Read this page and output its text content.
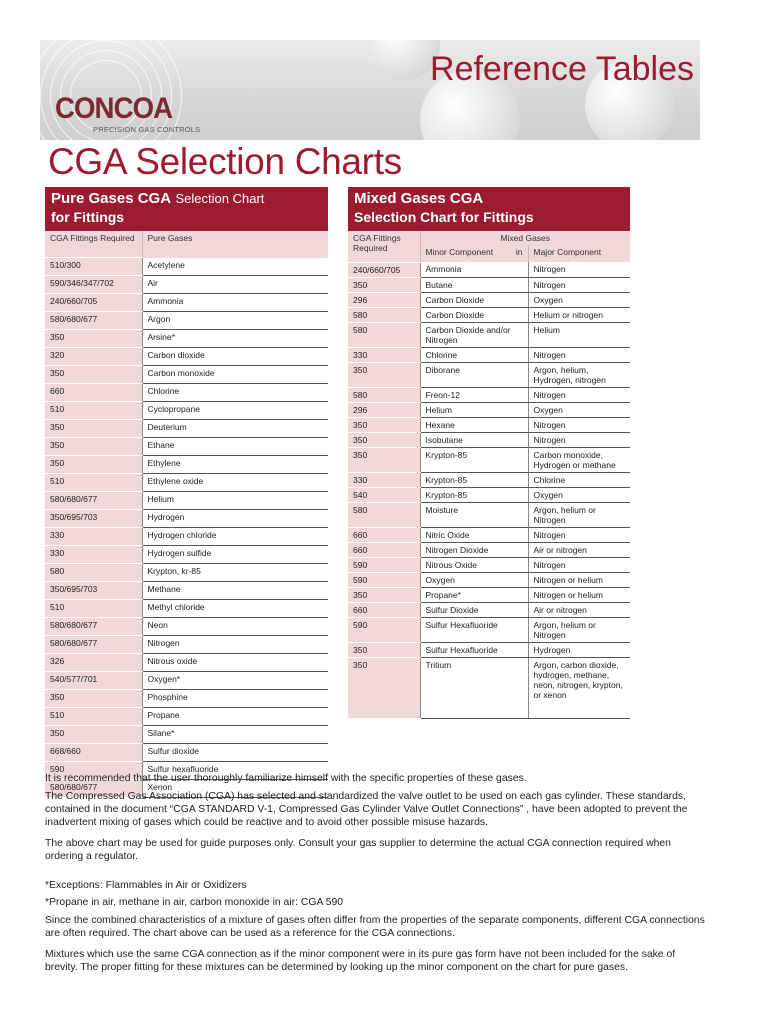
CONCOA
PRECISION GAS CONTROLS
Reference Tables
CGA Selection Charts
Pure Gases CGA Selection Chart
for Fittings
CGA Fittings Required	Pure Gases
510/300	Acetylene
590/346/347/702	Air
240/660/705	Ammonia
580/680/677	Argon
350	Arsine*
320	Carbon dioxide
350	Carbon monoxide
660	Chlorine
510	Cyclopropane
350	Deuterium
350	Ethane
350	Ethylene
510	Ethylene oxide
580/680/677	Helium
350/695/703	Hydrogen
330	Hydrogen chloride
330	Hydrogen sulfide
580	Krypton, kr-85
350/695/703	Methane
510	Methyl chloride
580/680/677	Neon
580/680/677	Nitrogen
326	Nitrous oxide
540/577/701	Oxygen*
350	Phosphine
510	Propane
350	Silane*
668/660	Sulfur dioxide
590	Sulfur hexafluoride
580/680/677	Xenon
Mixed Gases CGA
Selection Chart for Fittings
CGA Fittings Required	Mixed Gases	
	Minor Component in	Major Component
240/660/705	Ammonia	Nitrogen
350	Butane	Nitrogen
296	Carbon Dioxide	Oxygen
580	Carbon Dioxide	Helium or nitrogen
580	Carbon Dioxide and/or Nitrogen	Helium
330	Chlorine	Nitrogen
350	Diborane	Argon, helium, Hydrogen, nitrogen
580	Freon-12	Nitrogen
296	Helium	Oxygen
350	Hexane	Nitrogen
350	Isobutane	Nitrogen
350	Krypton-85	Carbon monoxide, Hydrogen or methane
330	Krypton-85	Chlorine
540	Krypton-85	Oxygen
580	Moisture	Argon, helium or Nitrogen
660	Nitric Oxide	Nitrogen
660	Nitrogen Dioxide	Air or nitrogen
590	Nitrous Oxide	Nitrogen
590	Oxygen	Nitrogen or helium
350	Propane*	Nitrogen or helium
660	Sulfur Dioxide	Air or nitrogen
590	Sulfur Hexafluoride	Argon, helium or Nitrogen
350	Sulfur Hexafluoride	Hydrogen
350	Tritium	Argon, carbon dioxide, hydrogen, methane, neon, nitrogen, krypton, or xenon

It is recommended that the user thoroughly familiarize himself with the specific properties of these gases.

The Compressed Gas Association (CGA) has selected and standardized the valve outlet to be used on each gas cylinder. These standards, contained in the document “CGA STANDARD V-1, Compressed Gas Cylinder Valve Outlet Connections” , have been adopted to prevent the inadvertent mixing of gases which could be reactive and to avoid other possible misuse hazards.

The above chart may be used for guide purposes only. Consult your gas supplier to determine the actual CGA connection required when ordering a regulator.

*Exceptions: Flammables in Air or Oxidizers

*Propane in air, methane in air, carbon monoxide in air: CGA 590

Since the combined characteristics of a mixture of gases often differ from the properties of the separate components, different CGA connections are often required. The chart above can be used as a reference for the CGA connections.

Mixtures which use the same CGA connection as if the minor component were in its pure gas form have not been included for the sake of brevity. The proper fitting for these mixtures can be determined by looking up the minor component on the chart for pure gases.
